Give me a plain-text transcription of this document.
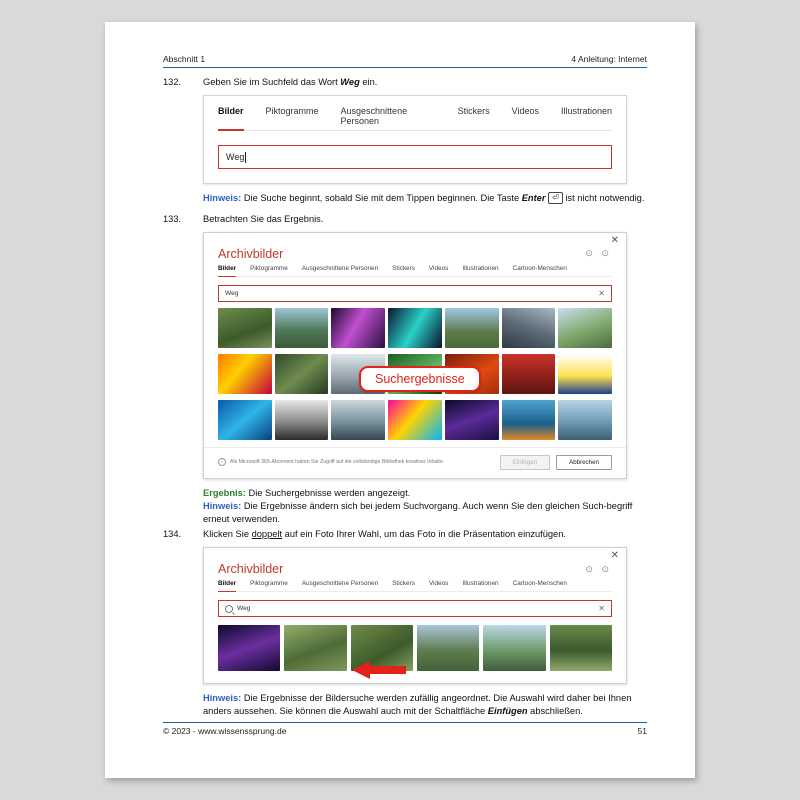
Abschnitt 1	4 Anleitung: Internet
132.	Geben Sie im Suchfeld das Wort Weg ein.
Bilder Piktogramme Ausgeschnittene Personen
Stickers Videos Illustrationen
Weg
Hinweis: Die Suche beginnt, sobald Sie mit dem Tippen beginnen. Die Taste Enter ⏎ ist nicht notwendig.
133.	Betrachten Sie das Ergebnis.
✕
Archivbilder	⊙ ⊙
Bilder Piktogramme Ausgeschnittene Personen Stickers Videos Illustrationen Cartoon-Menschen
Weg	✕
i	Als Microsoft 365-Abonnent haben Sie Zugriff auf die vollständige Bibliothek kreativer Inhalte.	Einfügen	Abbrechen
Suchergebnisse
Ergebnis: Die Suchergebnisse werden angezeigt.
Hinweis: Die Ergebnisse ändern sich bei jedem Suchvorgang. Auch wenn Sie den gleichen Such-begriff erneut verwenden.
134.	Klicken Sie doppelt auf ein Foto Ihrer Wahl, um das Foto in die Präsentation einzufügen.
✕
Archivbilder	⊙ ⊙
Bilder Piktogramme Ausgeschnittene Personen Stickers Videos Illustrationen Cartoon-Menschen
Weg	✕
Hinweis: Die Ergebnisse der Bildersuche werden zufällig angeordnet. Die Auswahl wird daher bei Ihnen anders aussehen. Sie können die Auswahl auch mit der Schaltfläche Einfügen abschließen.
© 2023 - www.wissenssprung.de	51
